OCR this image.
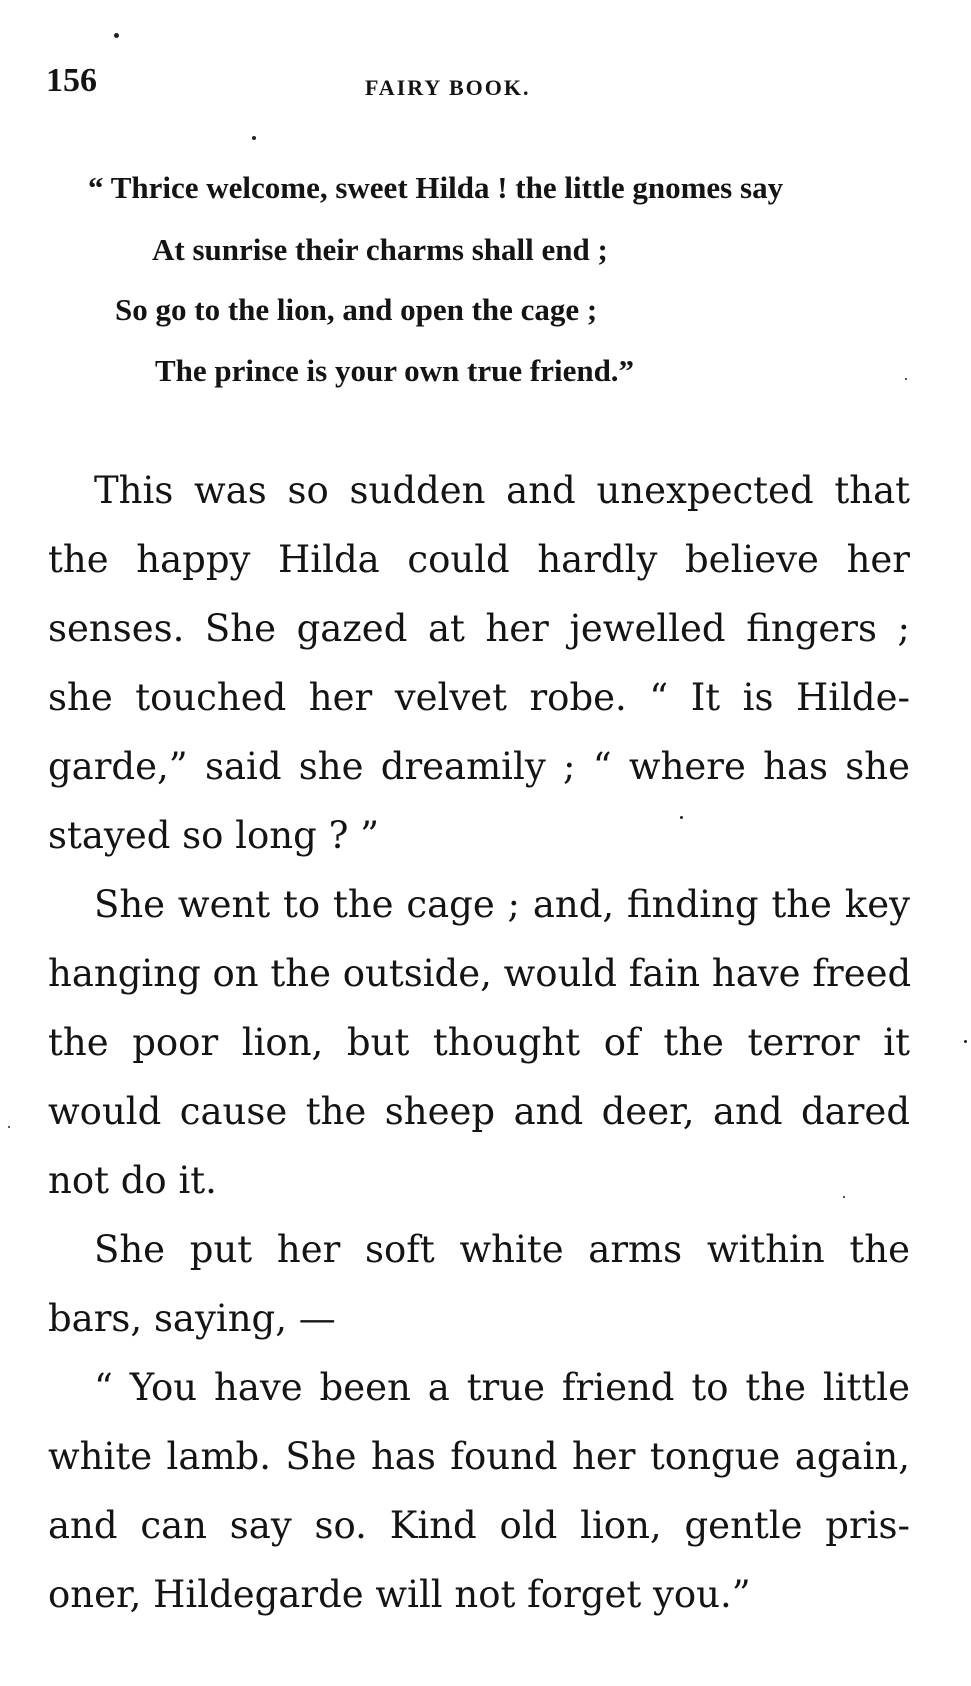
156	FAIRY BOOK.
“ Thrice welcome, sweet Hilda ! the little gnomes say
At sunrise their charms shall end ;
So go to the lion, and open the cage ;
The prince is your own true friend.”
This was so sudden and unexpected that
the happy Hilda could hardly believe her
senses. She gazed at her jewelled fingers ;
she touched her velvet robe. “ It is Hilde-
garde,” said she dreamily ; “ where has she
stayed so long ? ”
She went to the cage ; and, finding the key
hanging on the outside, would fain have freed
the poor lion, but thought of the terror it
would cause the sheep and deer, and dared
not do it.
She put her soft white arms within the
bars, saying, —
“ You have been a true friend to the little
white lamb. She has found her tongue again,
and can say so. Kind old lion, gentle pris-
oner, Hildegarde will not forget you.”
